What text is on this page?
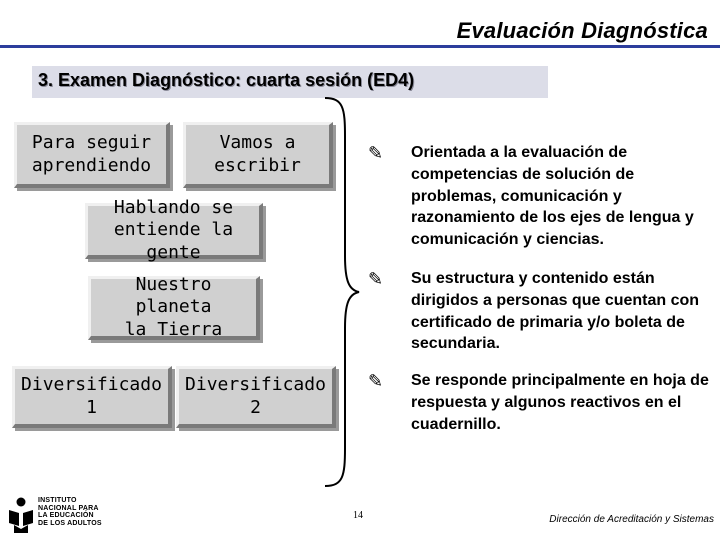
Evaluación Diagnóstica
3. Examen Diagnóstico: cuarta sesión (ED4)
Para seguir
aprendiendo
Vamos a
escribir
Hablando se
entiende la gente
Nuestro planeta
la Tierra
Diversificado 1
Diversificado 2
✎ Orientada a la evaluación de competencias de solución de problemas, comunicación y razonamiento de los ejes de lengua y comunicación y ciencias.
✎ Su estructura y contenido están dirigidos a personas que cuentan con certificado de primaria y/o boleta de secundaria.
✎ Se responde principalmente en hoja de respuesta y algunos reactivos en el cuadernillo.
INSTITUTO
NACIONAL PARA
LA EDUCACIÓN
DE LOS ADULTOS
14	Dirección de Acreditación y Sistemas
